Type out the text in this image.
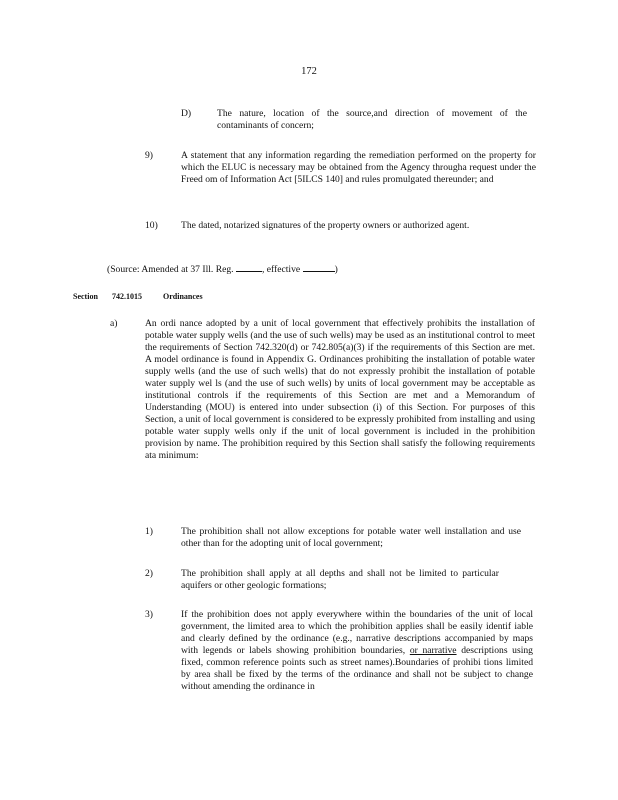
172
D)	The nature, location of the source,and direction of movement of the contaminants of concern;
9)	A statement that any information regarding the remediation performed on the property for which the ELUC is necessary may be obtained from the Agency througha request under the Freed om of Information Act [5ILCS 140] and rules promulgated thereunder; and
10) The dated, notarized signatures of the property owners or authorized agent.
(Source: Amended at 37 Ill. Reg.	, effective	)
Section 742.1015	Ordinances
a)	An ordi nance adopted by a unit of local government that effectively prohibits the installation of potable water supply wells (and the use of such wells) may be used as an institutional control to meet the requirements of Section 742.320(d) or 742.805(a)(3) if the requirements of this Section are met. A model ordinance is found in Appendix G. Ordinances prohibiting the installation of potable water supply wells (and the use of such wells) that do not expressly prohibit the installation of potable water supply wel ls (and the use of such wells) by units of local government may be acceptable as institutional controls if the requirements of this Section are met and a Memorandum of Understanding (MOU) is entered into under subsection (i) of this Section. For purposes of this Section, a unit of local government is considered to be expressly prohibited from installing and using potable water supply wells only if the unit of local government is included in the prohibition provision by name. The prohibition required by this Section shall satisfy the following requirements ata minimum:
1)	The prohibition shall not allow exceptions for potable water well installation and use other than for the adopting unit of local government;
2)	The prohibition shall apply at all depths and shall not be limited to particular aquifers or other geologic formations;
3)	If the prohibition does not apply everywhere within the boundaries of the unit of local government, the limited area to which the prohibition applies shall be easily identif iable and clearly defined by the ordinance (e.g., narrative descriptions accompanied by maps with legends or labels showing prohibition boundaries, or narrative descriptions using fixed, common reference points such as street names).Boundaries of prohibi tions limited by area shall be fixed by the terms of the ordinance and shall not be subject to change without amending the ordinance in
